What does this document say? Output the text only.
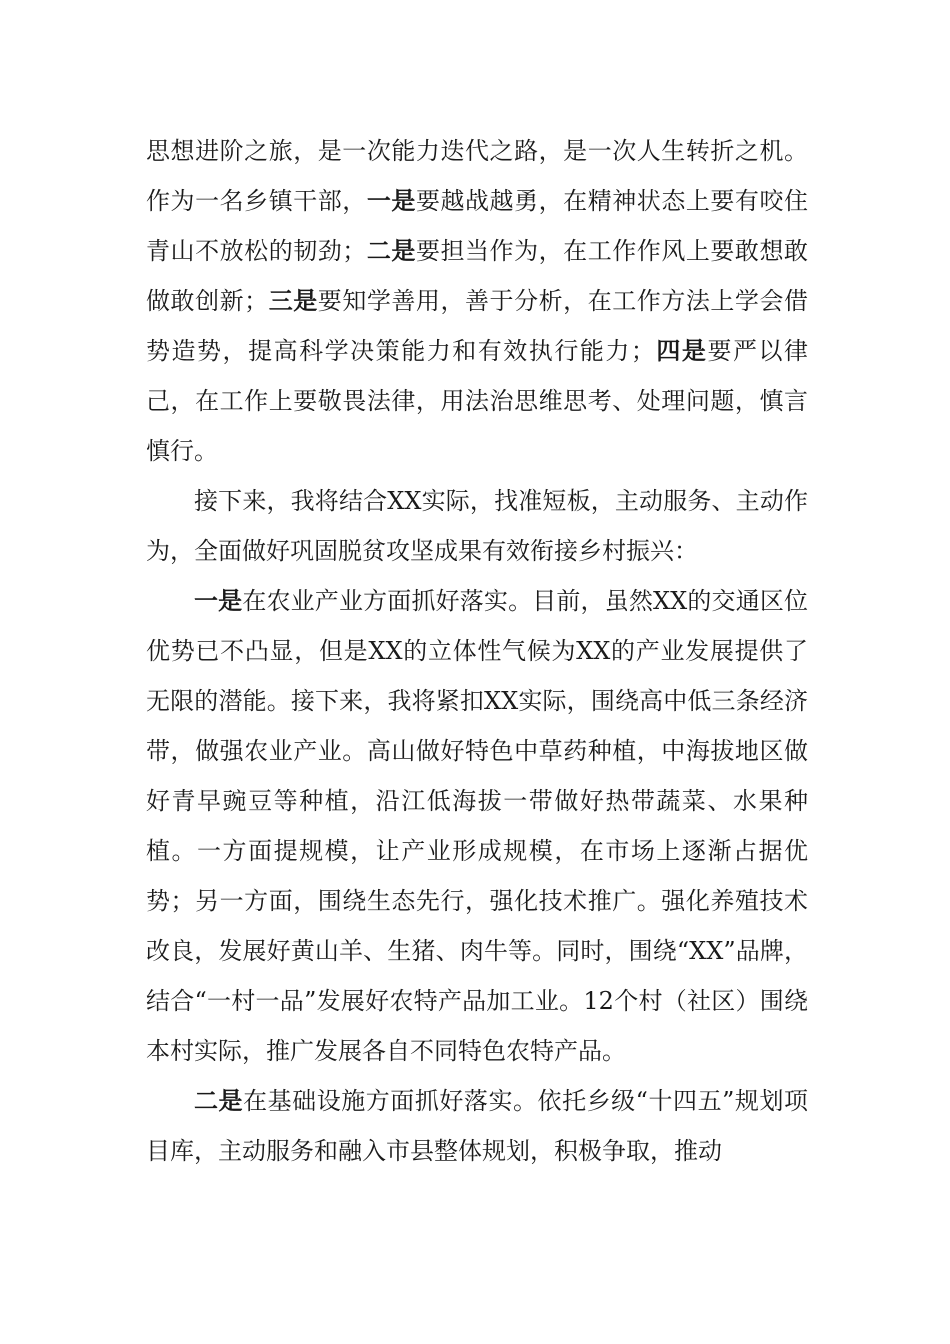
思想进阶之旅，是一次能力迭代之路，是一次人生转折之机。作为一名乡镇干部，一是要越战越勇，在精神状态上要有咬住青山不放松的韧劲；二是要担当作为，在工作作风上要敢想敢做敢创新；三是要知学善用，善于分析，在工作方法上学会借势造势，提高科学决策能力和有效执行能力；四是要严以律己，在工作上要敬畏法律，用法治思维思考、处理问题，慎言慎行。

接下来，我将结合XX实际，找准短板，主动服务、主动作为，全面做好巩固脱贫攻坚成果有效衔接乡村振兴：

一是在农业产业方面抓好落实。目前，虽然XX的交通区位优势已不凸显，但是XX的立体性气候为XX的产业发展提供了无限的潜能。接下来，我将紧扣XX实际，围绕高中低三条经济带，做强农业产业。高山做好特色中草药种植，中海拔地区做好青早豌豆等种植，沿江低海拔一带做好热带蔬菜、水果种植。一方面提规模，让产业形成规模，在市场上逐渐占据优势；另一方面，围绕生态先行，强化技术推广。强化养殖技术改良，发展好黄山羊、生猪、肉牛等。同时，围绕“XX”品牌，结合“一村一品”发展好农特产品加工业。12个村（社区）围绕本村实际，推广发展各自不同特色农特产品。

二是在基础设施方面抓好落实。依托乡级“十四五”规划项目库，主动服务和融入市县整体规划，积极争取，推动
